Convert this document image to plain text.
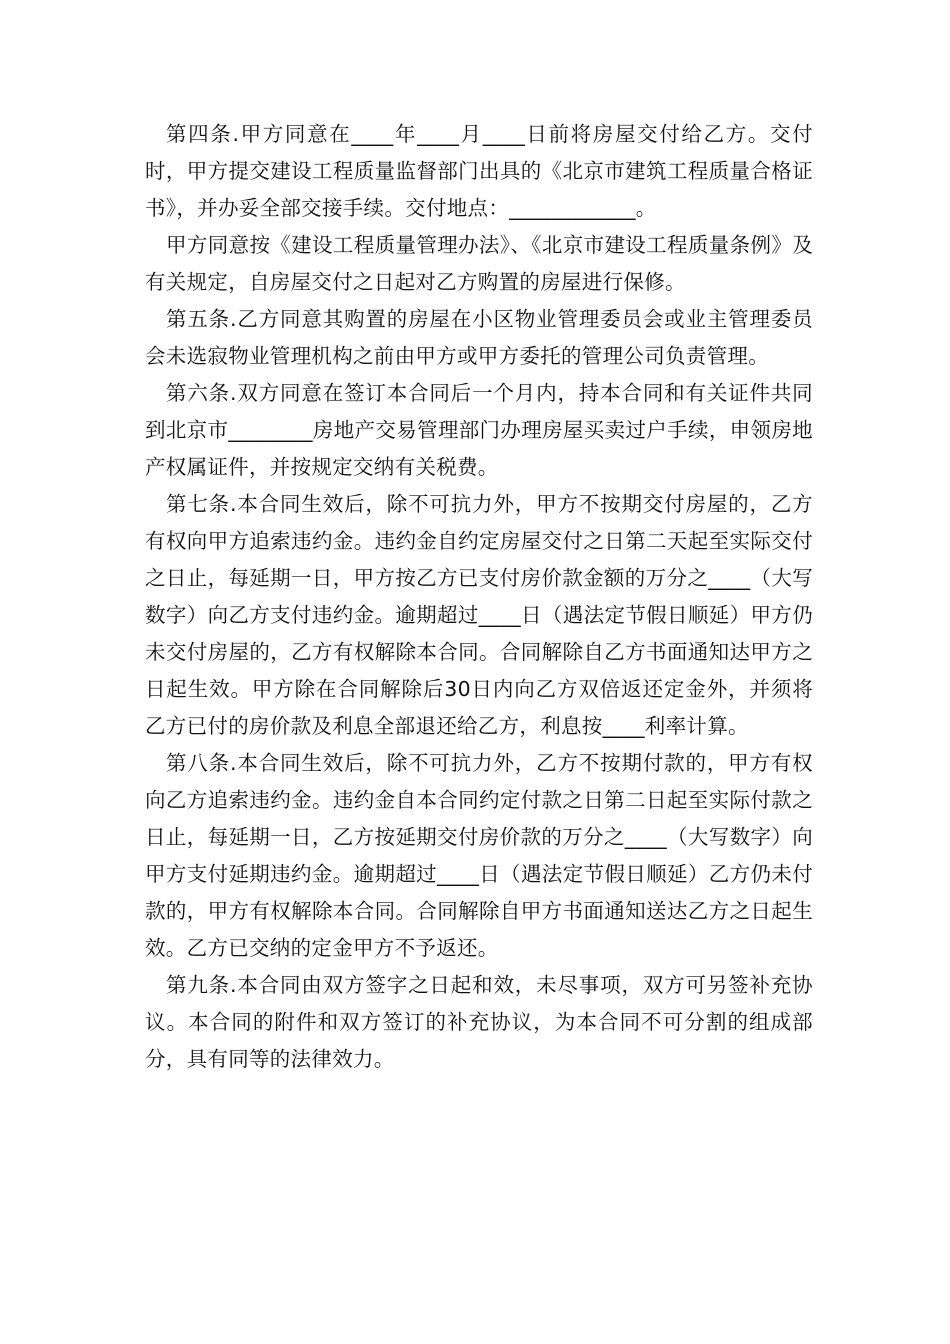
第四条.甲方同意在____年____月____日前将房屋交付给乙方。交付时，甲方提交建设工程质量监督部门出具的《北京市建筑工程质量合格证书》，并办妥全部交接手续。交付地点：____________。

甲方同意按《建设工程质量管理办法》、《北京市建设工程质量条例》及有关规定，自房屋交付之日起对乙方购置的房屋进行保修。

第五条.乙方同意其购置的房屋在小区物业管理委员会或业主管理委员会未选寂物业管理机构之前由甲方或甲方委托的管理公司负责管理。

第六条.双方同意在签订本合同后一个月内，持本合同和有关证件共同到北京市________房地产交易管理部门办理房屋买卖过户手续，申领房地产权属证件，并按规定交纳有关税费。

第七条.本合同生效后，除不可抗力外，甲方不按期交付房屋的，乙方有权向甲方追索违约金。违约金自约定房屋交付之日第二天起至实际交付之日止，每延期一日，甲方按乙方已支付房价款金额的万分之____（大写数字）向乙方支付违约金。逾期超过____日（遇法定节假日顺延）甲方仍未交付房屋的，乙方有权解除本合同。合同解除自乙方书面通知达甲方之日起生效。甲方除在合同解除后30日内向乙方双倍返还定金外，并须将乙方已付的房价款及利息全部退还给乙方，利息按____利率计算。

第八条.本合同生效后，除不可抗力外，乙方不按期付款的，甲方有权向乙方追索违约金。违约金自本合同约定付款之日第二日起至实际付款之日止，每延期一日，乙方按延期交付房价款的万分之____（大写数字）向甲方支付延期违约金。逾期超过____日（遇法定节假日顺延）乙方仍未付款的，甲方有权解除本合同。合同解除自甲方书面通知送达乙方之日起生效。乙方已交纳的定金甲方不予返还。

第九条.本合同由双方签字之日起和效，未尽事项，双方可另签补充协议。本合同的附件和双方签订的补充协议，为本合同不可分割的组成部分，具有同等的法律效力。
